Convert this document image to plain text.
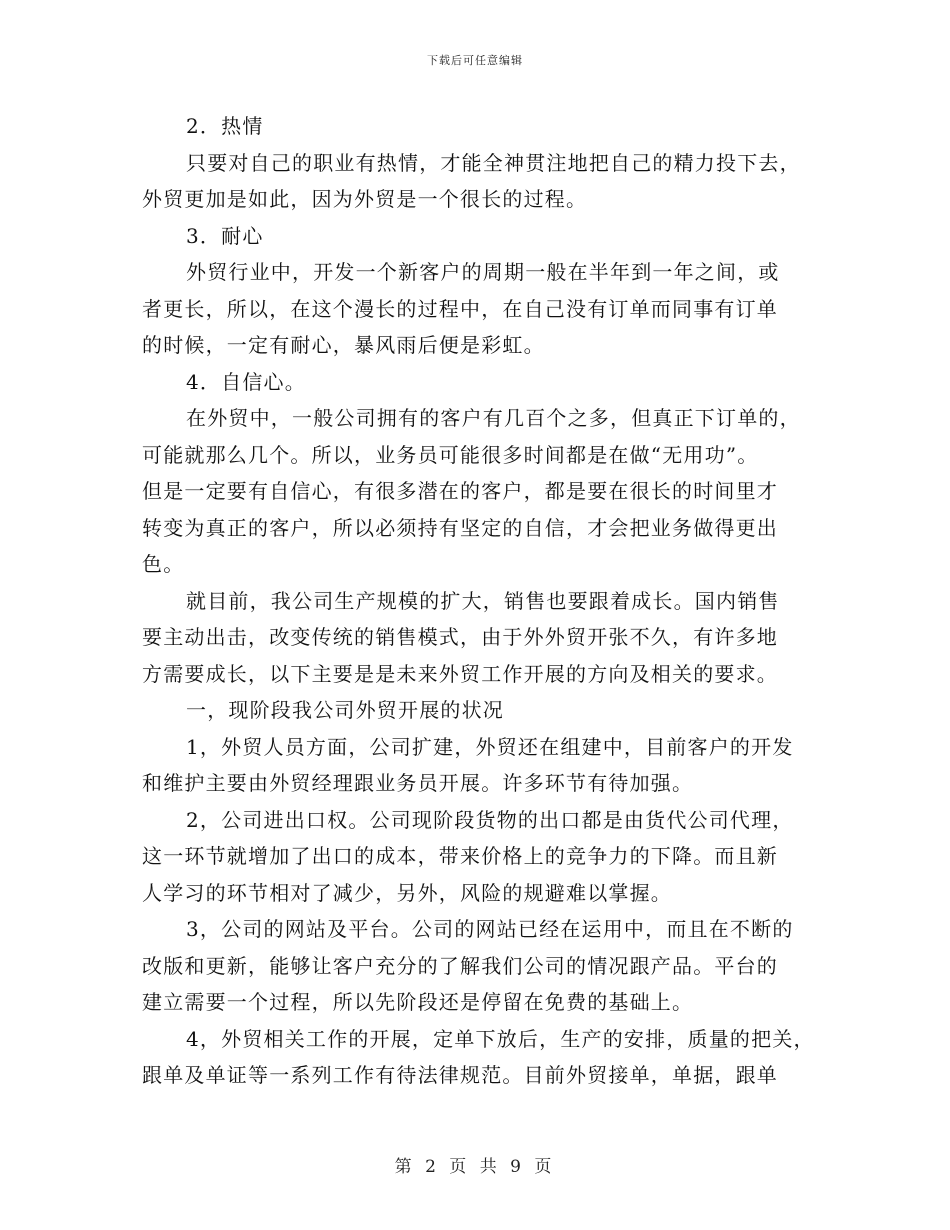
下载后可任意编辑
2．热情
只要对自己的职业有热情，才能全神贯注地把自己的精力投下去，
外贸更加是如此，因为外贸是一个很长的过程。
3．耐心
外贸行业中，开发一个新客户的周期一般在半年到一年之间，或
者更长，所以，在这个漫长的过程中，在自己没有订单而同事有订单
的时候，一定有耐心，暴风雨后便是彩虹。
4．自信心。
在外贸中，一般公司拥有的客户有几百个之多，但真正下订单的，
可能就那么几个。所以，业务员可能很多时间都是在做“无用功”。
但是一定要有自信心，有很多潜在的客户，都是要在很长的时间里才
转变为真正的客户，所以必须持有坚定的自信，才会把业务做得更出
色。
就目前，我公司生产规模的扩大，销售也要跟着成长。国内销售
要主动出击，改变传统的销售模式，由于外外贸开张不久，有许多地
方需要成长，以下主要是是未来外贸工作开展的方向及相关的要求。
一，现阶段我公司外贸开展的状况
1，外贸人员方面，公司扩建，外贸还在组建中，目前客户的开发
和维护主要由外贸经理跟业务员开展。许多环节有待加强。
2，公司进出口权。公司现阶段货物的出口都是由货代公司代理，
这一环节就增加了出口的成本，带来价格上的竞争力的下降。而且新
人学习的环节相对了减少，另外，风险的规避难以掌握。
3，公司的网站及平台。公司的网站已经在运用中，而且在不断的
改版和更新，能够让客户充分的了解我们公司的情况跟产品。平台的
建立需要一个过程，所以先阶段还是停留在免费的基础上。
4，外贸相关工作的开展，定单下放后，生产的安排，质量的把关，
跟单及单证等一系列工作有待法律规范。目前外贸接单，单据，跟单
第 2 页 共 9 页
